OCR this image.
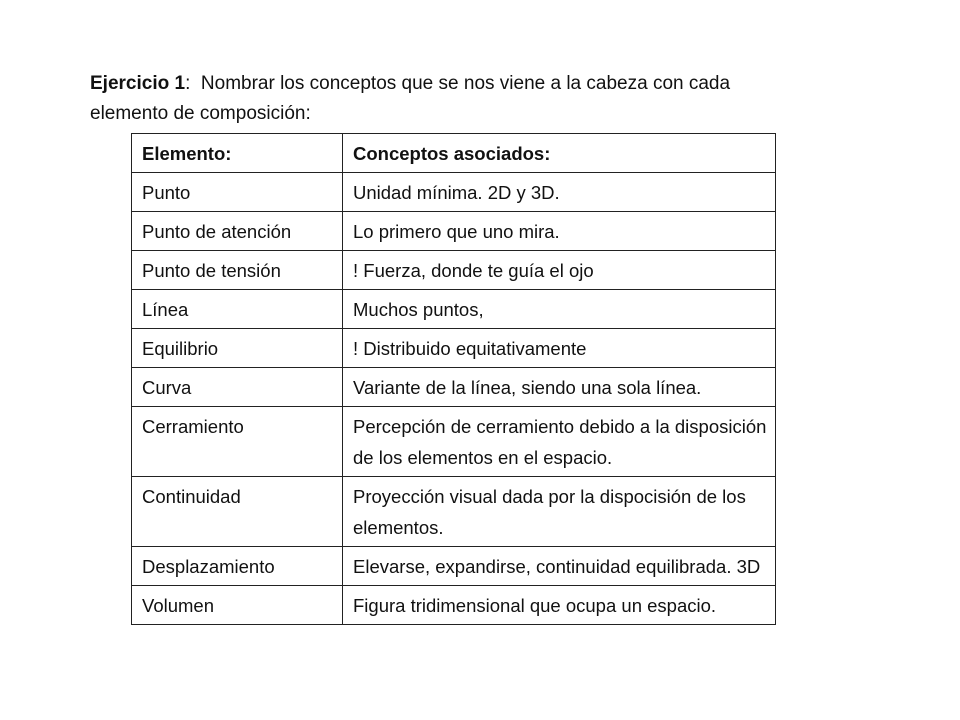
Ejercicio 1: Nombrar los conceptos que se nos viene a la cabeza con cada elemento de composición:
Elemento:	Conceptos asociados:
Punto	Unidad mínima. 2D y 3D.
Punto de atención	Lo primero que uno mira.
Punto de tensión	! Fuerza, donde te guía el ojo
Línea	Muchos puntos,
Equilibrio	! Distribuido equitativamente
Curva	Variante de la línea, siendo una sola línea.
Cerramiento	Percepción de cerramiento debido a la disposición de los elementos en el espacio.
Continuidad	Proyección visual dada por la dispocisión de los elementos.
Desplazamiento	Elevarse, expandirse, continuidad equilibrada. 3D
Volumen	Figura tridimensional que ocupa un espacio.
